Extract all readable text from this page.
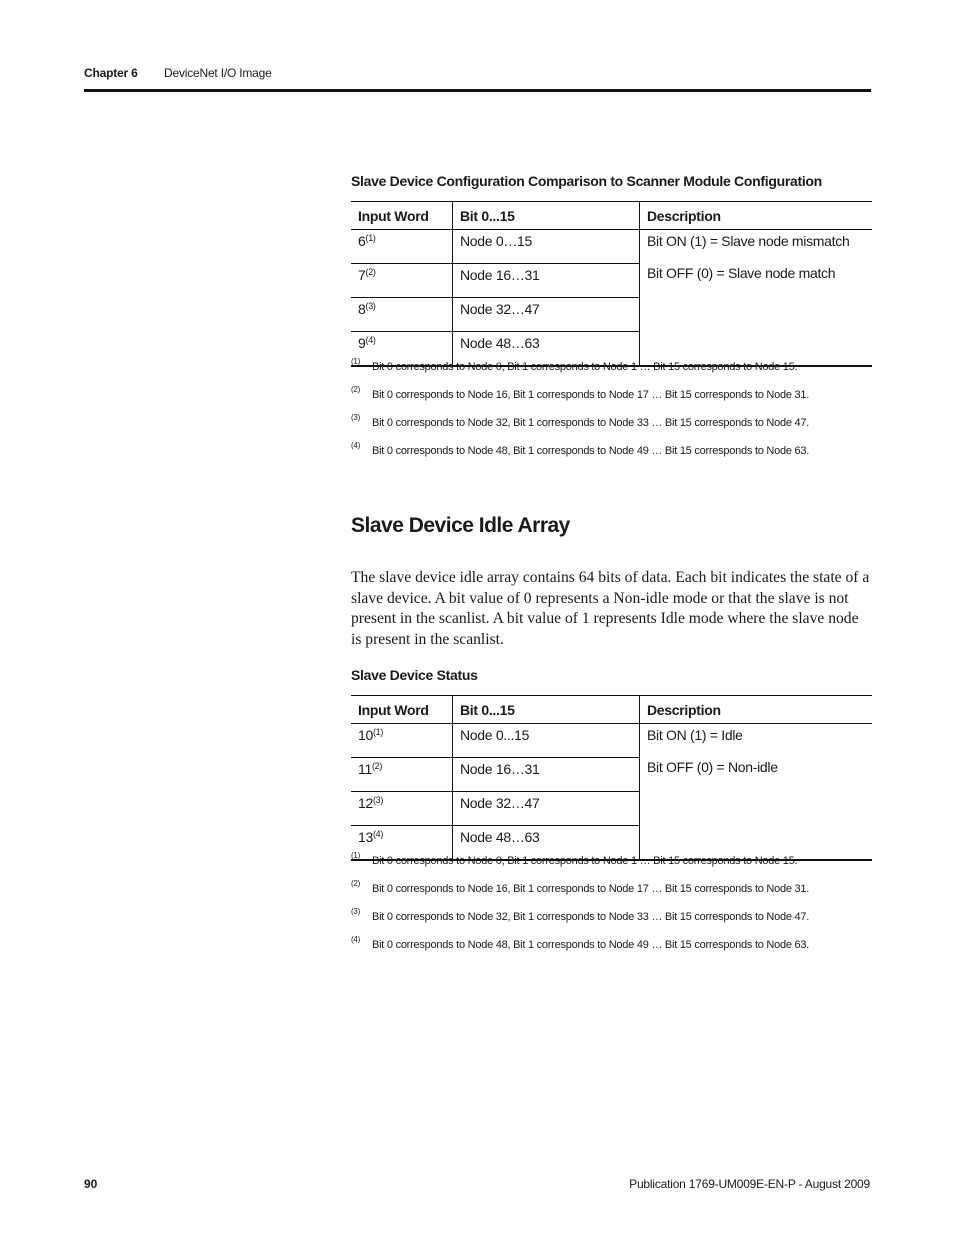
Chapter 6 DeviceNet I/O Image
Slave Device Configuration Comparison to Scanner Module Configuration
Input Word	Bit 0...15	Description
6$^{(1)}$	Node 0…15	Bit ON (1) = Slave node mismatch
Bit OFF (0) = Slave node match

7$^{(2)}$	Node 16…31	
8$^{(3)}$	Node 32…47	
9$^{(4)}$	Node 48…63	
(1) Bit 0 corresponds to Node 0, Bit 1 corresponds to Node 1 … Bit 15 corresponds to Node 15.
(2) Bit 0 corresponds to Node 16, Bit 1 corresponds to Node 17 … Bit 15 corresponds to Node 31.
(3) Bit 0 corresponds to Node 32, Bit 1 corresponds to Node 33 … Bit 15 corresponds to Node 47.
(4) Bit 0 corresponds to Node 48, Bit 1 corresponds to Node 49 … Bit 15 corresponds to Node 63.
Slave Device Idle Array
The slave device idle array contains 64 bits of data. Each bit indicates the state of a slave device. A bit value of 0 represents a Non-idle mode or that the slave is not present in the scanlist. A bit value of 1 represents Idle mode where the slave node is present in the scanlist.
Slave Device Status
Input Word	Bit 0...15	Description
10$^{(1)}$	Node 0...15	Bit ON (1) = Idle
Bit OFF (0) = Non-idle

11$^{(2)}$	Node 16…31	
12$^{(3)}$	Node 32…47	
13$^{(4)}$	Node 48…63	
(1) Bit 0 corresponds to Node 0, Bit 1 corresponds to Node 1 … Bit 15 corresponds to Node 15.
(2) Bit 0 corresponds to Node 16, Bit 1 corresponds to Node 17 … Bit 15 corresponds to Node 31.
(3) Bit 0 corresponds to Node 32, Bit 1 corresponds to Node 33 … Bit 15 corresponds to Node 47.
(4) Bit 0 corresponds to Node 48, Bit 1 corresponds to Node 49 … Bit 15 corresponds to Node 63.
90	Publication 1769-UM009E-EN-P - August 2009
